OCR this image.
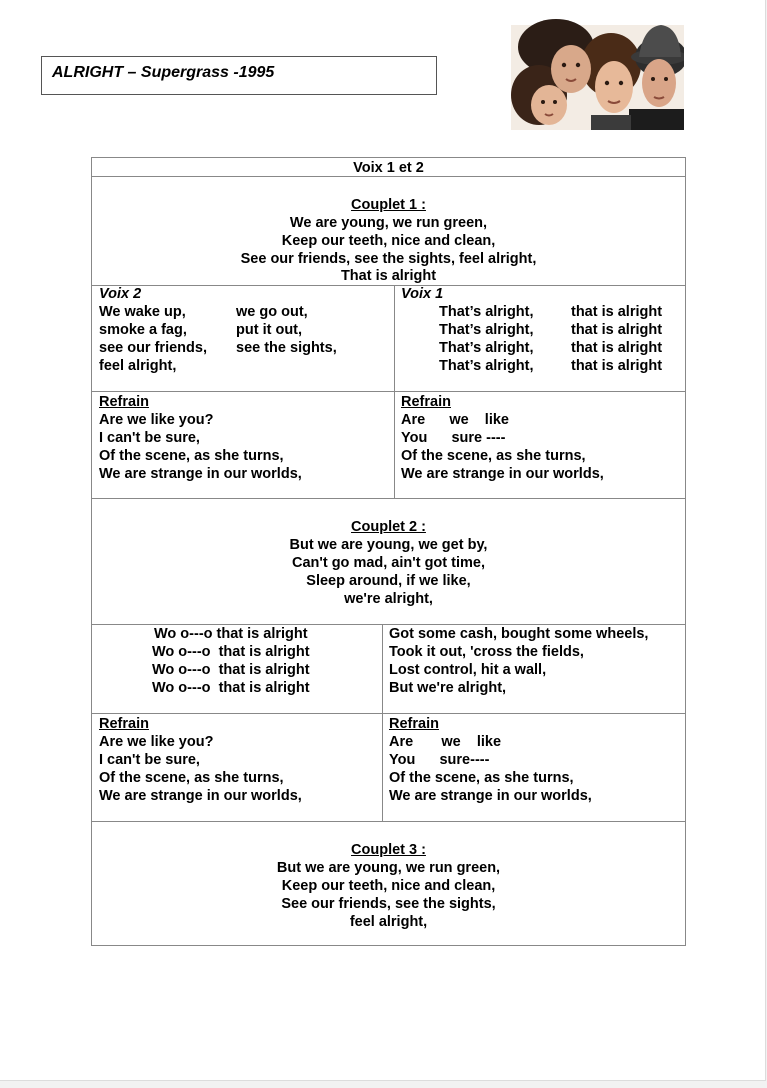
ALRIGHT – Supergrass -1995
Voix 1 et 2
Couplet 1 :
We are young, we run green,
Keep our teeth, nice and clean,
See our friends, see the sights, feel alright,
That is alright
Voix 2
We wake up,
smoke a fag,
see our friends,
feel alright,
we go out,
put it out,
see the sights,
Voix 1
That’s alright,
That’s alright,
That’s alright,
That’s alright,
that is alright
that is alright
that is alright
that is alright
Refrain
Are we like you?
I can't be sure,
Of the scene, as she turns,
We are strange in our worlds,
Refrain
Are      we    like
You      sure ----
Of the scene, as she turns,
We are strange in our worlds,
Couplet 2 :
But we are young, we get by,
Can't go mad, ain't got time,
Sleep around, if we like,
we're alright,
Wo o---o that is alright
Wo o---o  that is alright
Wo o---o  that is alright
Wo o---o  that is alright
Got some cash, bought some wheels,
Took it out, 'cross the fields,
Lost control, hit a wall,
But we're alright,
Refrain
Are we like you?
I can't be sure,
Of the scene, as she turns,
We are strange in our worlds,
Refrain
Are       we    like
You      sure----
Of the scene, as she turns,
We are strange in our worlds,
Couplet 3 :
But we are young, we run green,
Keep our teeth, nice and clean,
See our friends, see the sights,
feel alright,
